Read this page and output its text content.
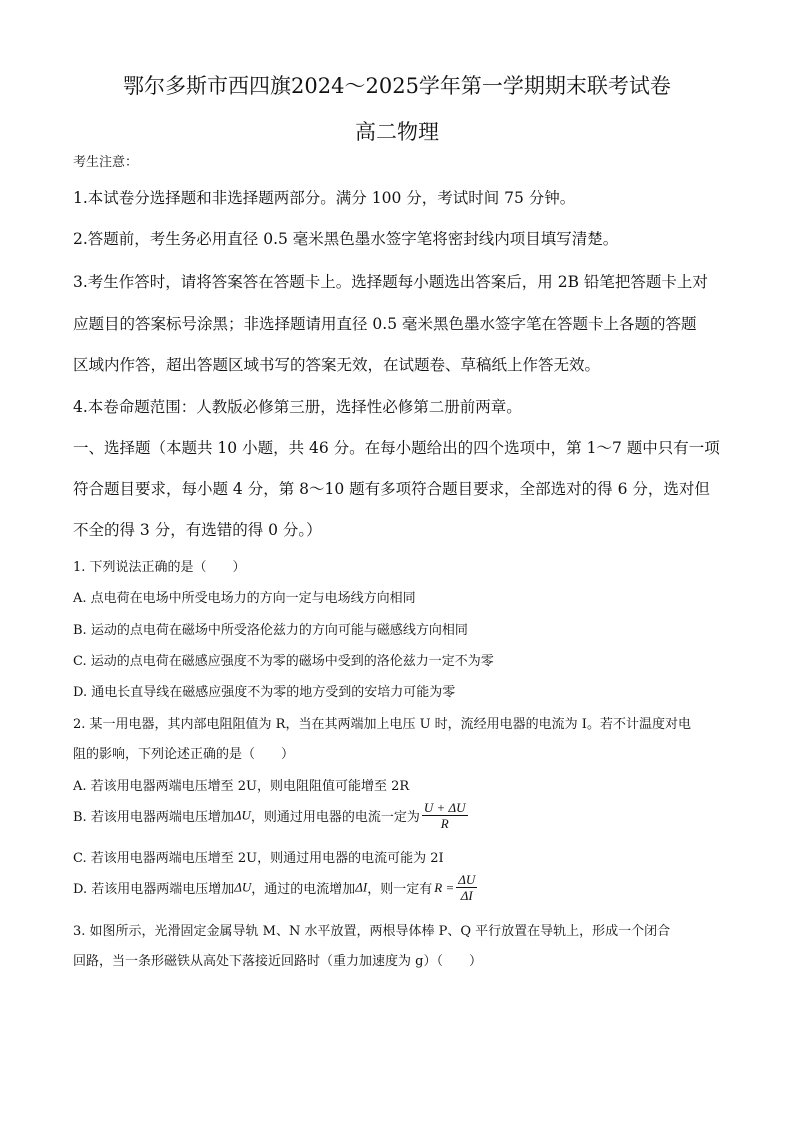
鄂尔多斯市西四旗2024～2025学年第一学期期末联考试卷
高二物理
考生注意：
1.本试卷分选择题和非选择题两部分。满分 100 分，考试时间 75 分钟。
2.答题前，考生务必用直径 0.5 毫米黑色墨水签字笔将密封线内项目填写清楚。
3.考生作答时，请将答案答在答题卡上。选择题每小题选出答案后，用 2B 铅笔把答题卡上对
应题目的答案标号涂黑；非选择题请用直径 0.5 毫米黑色墨水签字笔在答题卡上各题的答题
区域内作答，超出答题区域书写的答案无效，在试题卷、草稿纸上作答无效。
4.本卷命题范围：人教版必修第三册，选择性必修第二册前两章。
一、选择题（本题共 10 小题，共 46 分。在每小题给出的四个选项中，第 1～7 题中只有一项
符合题目要求，每小题 4 分，第 8～10 题有多项符合题目要求，全部选对的得 6 分，选对但
不全的得 3 分，有选错的得 0 分。）
1. 下列说法正确的是（　　）
A. 点电荷在电场中所受电场力的方向一定与电场线方向相同
B. 运动的点电荷在磁场中所受洛伦兹力的方向可能与磁感线方向相同
C. 运动的点电荷在磁感应强度不为零的磁场中受到的洛伦兹力一定不为零
D. 通电长直导线在磁感应强度不为零的地方受到的安培力可能为零
2. 某一用电器，其内部电阻阻值为 R，当在其两端加上电压 U 时，流经用电器的电流为 I。若不计温度对电
阻的影响，下列论述正确的是（　　）
A. 若该用电器两端电压增至 2U，则电阻阻值可能增至 2R
B. 若该用电器两端电压增加ΔU，则通过用电器的电流一定为 $\frac{U + \Delta U}{R}$
C. 若该用电器两端电压增至 2U，则通过用电器的电流可能为 2I
D. 若该用电器两端电压增加ΔU，通过的电流增加ΔI，则一定有 $R = \frac{\Delta U}{\Delta I}$
3. 如图所示，光滑固定金属导轨 M、N 水平放置，两根导体棒 P、Q 平行放置在导轨上，形成一个闭合
回路，当一条形磁铁从高处下落接近回路时（重力加速度为 g）（　　）
